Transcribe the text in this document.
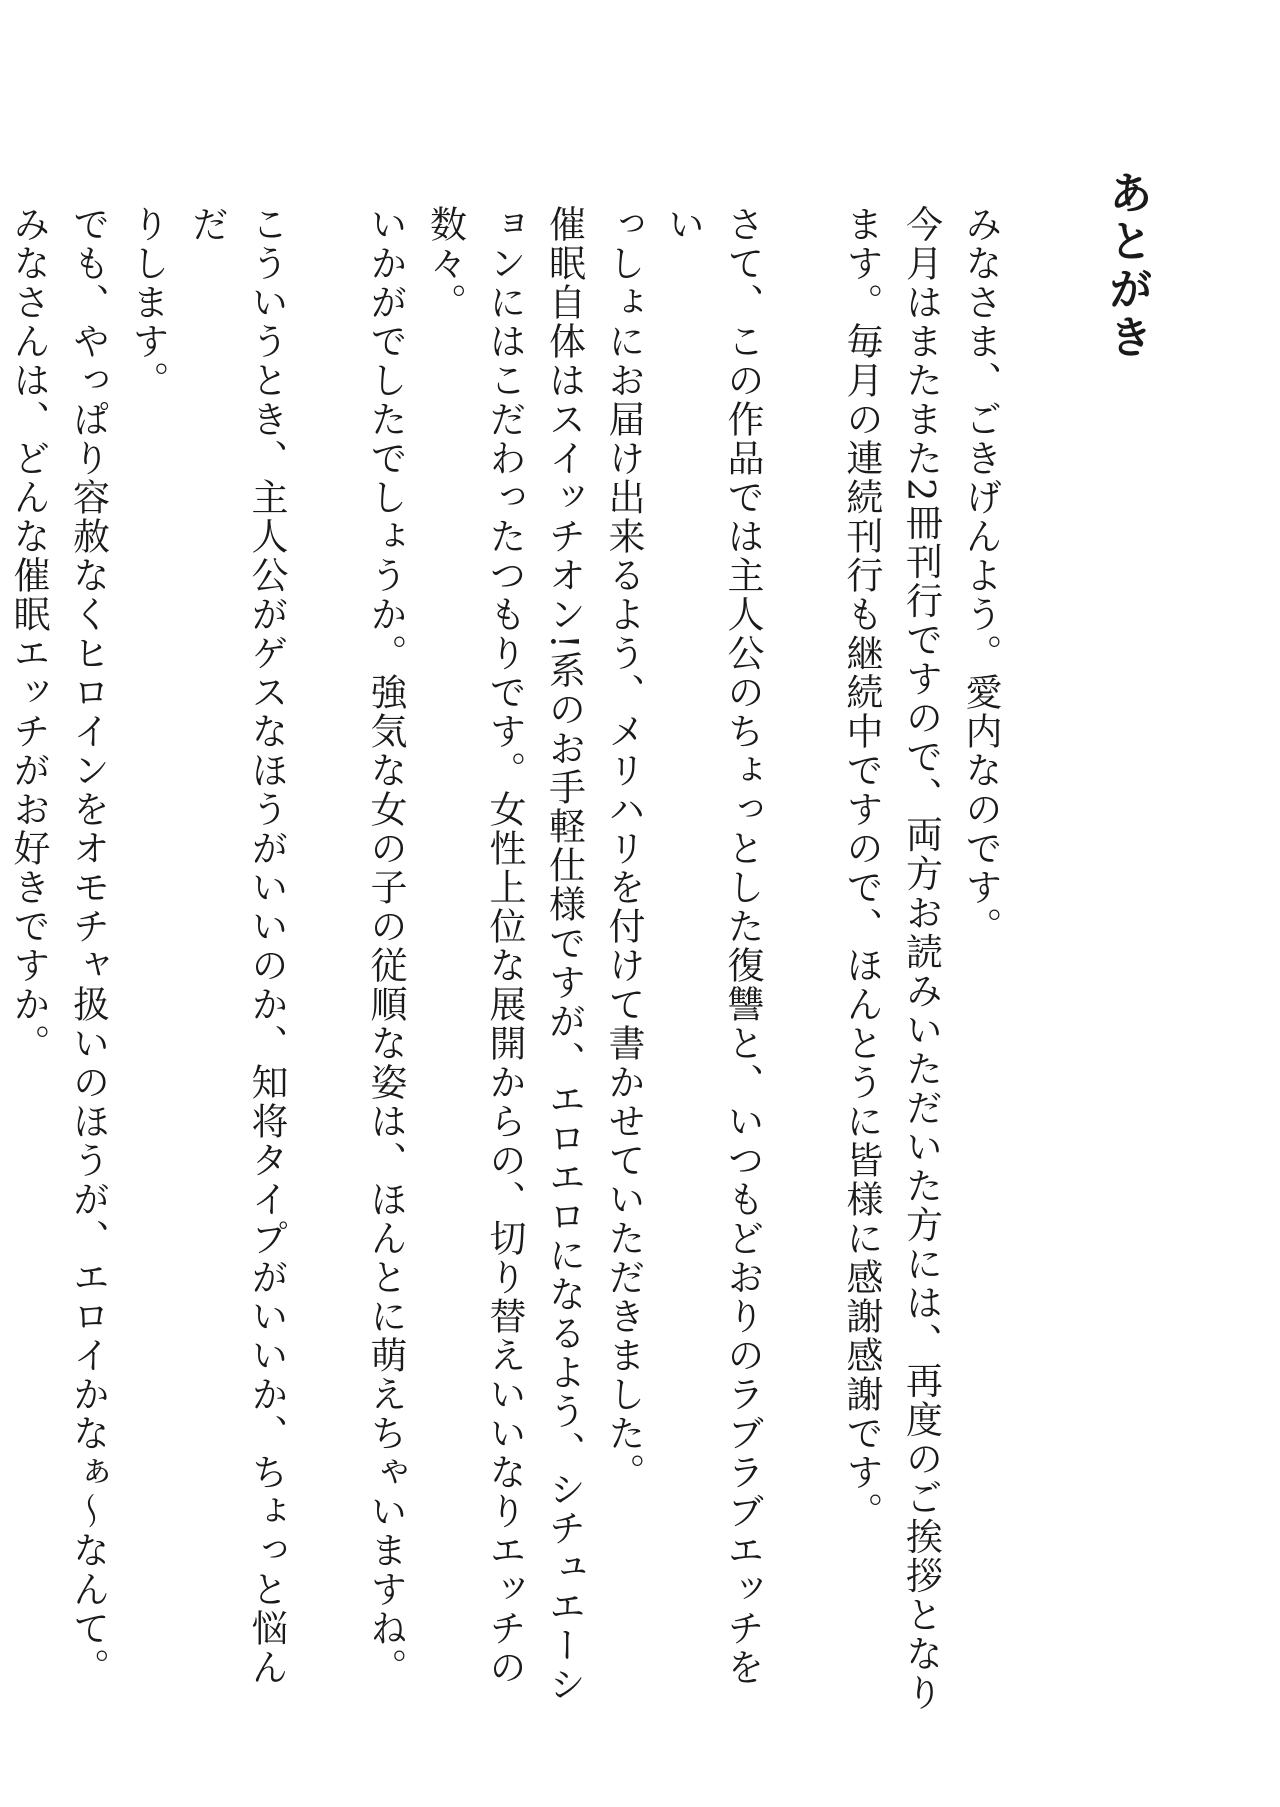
あとがき

みなさま、ごきげんよう。愛内なのです。

今月はまたまた2冊刊行ですので、両方お読みいただいた方には、再度のご挨拶となり
ます。毎月の連続刊行も継続中ですので、ほんとうに皆様に感謝感謝です。

さて、この作品では主人公のちょっとした復讐と、いつもどおりのラブラブエッチをい
っしょにお届け出来るよう、メリハリを付けて書かせていただきました。

催眠自体はスイッチオン!系のお手軽仕様ですが、エロエロになるよう、シチュエーシ
ョンにはこだわったつもりです。女性上位な展開からの、切り替えいいなりエッチの数々。
いかがでしたでしょうか。強気な女の子の従順な姿は、ほんとに萌えちゃいますね。

こういうとき、主人公がゲスなほうがいいのか、知将タイプがいいか、ちょっと悩んだ
りします。

でも、やっぱり容赦なくヒロインをオモチャ扱いのほうが、エロイかなぁ〜なんて。

みなさんは、どんな催眠エッチがお好きですか。
